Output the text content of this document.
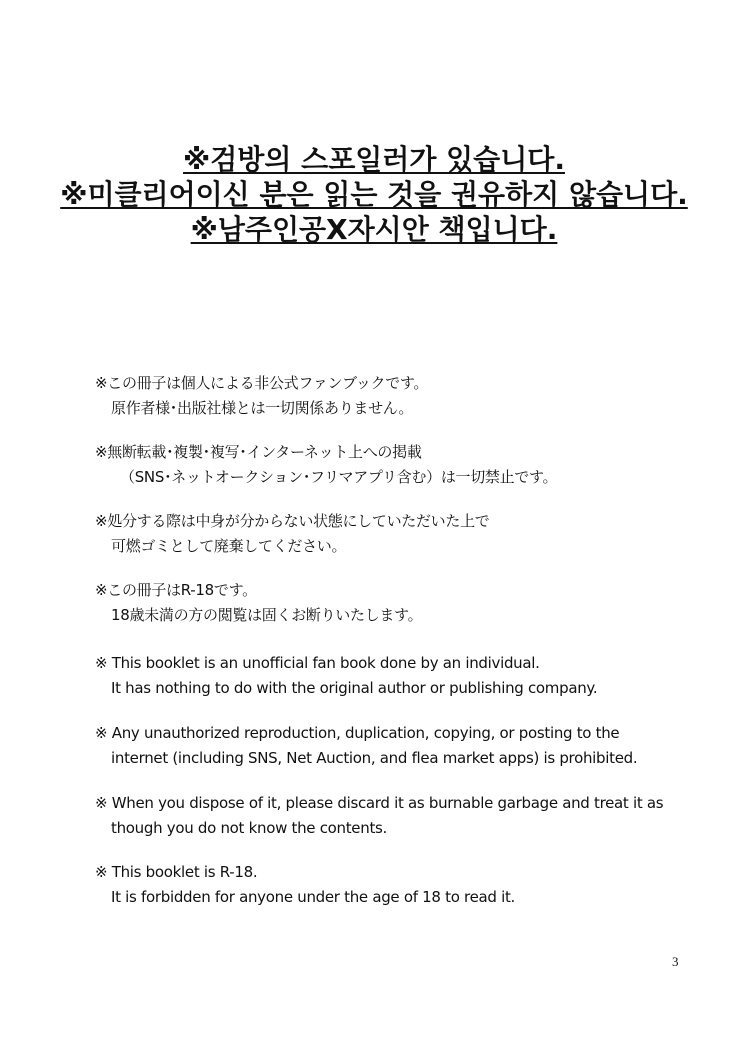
※검방의 스포일러가 있습니다.
※미클리어이신 분은 읽는 것을 권유하지 않습니다.
※남주인공X자시안 책입니다.
※この冊子は個人による非公式ファンブックです。
原作者様･出版社様とは一切関係ありません。
※無断転載･複製･複写･インターネット上への掲載
（SNS･ネットオークション･フリマアプリ含む）は一切禁止です。
※処分する際は中身が分からない状態にしていただいた上で
可燃ゴミとして廃棄してください。
※この冊子はR-18です。
18歳未満の方の閲覧は固くお断りいたします。
※ This booklet is an unofficial fan book done by an individual.
It has nothing to do with the original author or publishing company.
※ Any unauthorized reproduction, duplication, copying, or posting to the
internet (including SNS, Net Auction, and flea market apps) is prohibited.
※ When you dispose of it, please discard it as burnable garbage and treat it as
though you do not know the contents.
※ This booklet is R-18.
It is forbidden for anyone under the age of 18 to read it.
3
